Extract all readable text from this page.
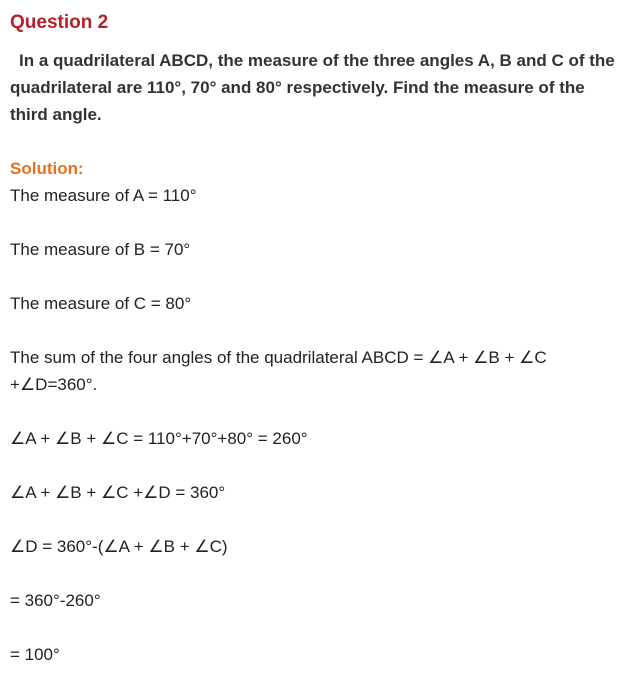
Question 2
In a quadrilateral ABCD, the measure of the three angles A, B and C of the
quadrilateral are 110°, 70° and 80° respectively. Find the measure of the
third angle.
Solution:
The measure of A = 110°
The measure of B = 70°
The measure of C = 80°
The sum of the four angles of the quadrilateral ABCD = ∠A + ∠B + ∠C
+∠D=360°.
∠A + ∠B + ∠C = 110°+70°+80° = 260°
∠A + ∠B + ∠C +∠D = 360°
∠D = 360°-(∠A + ∠B + ∠C)
= 360°-260°
= 100°
